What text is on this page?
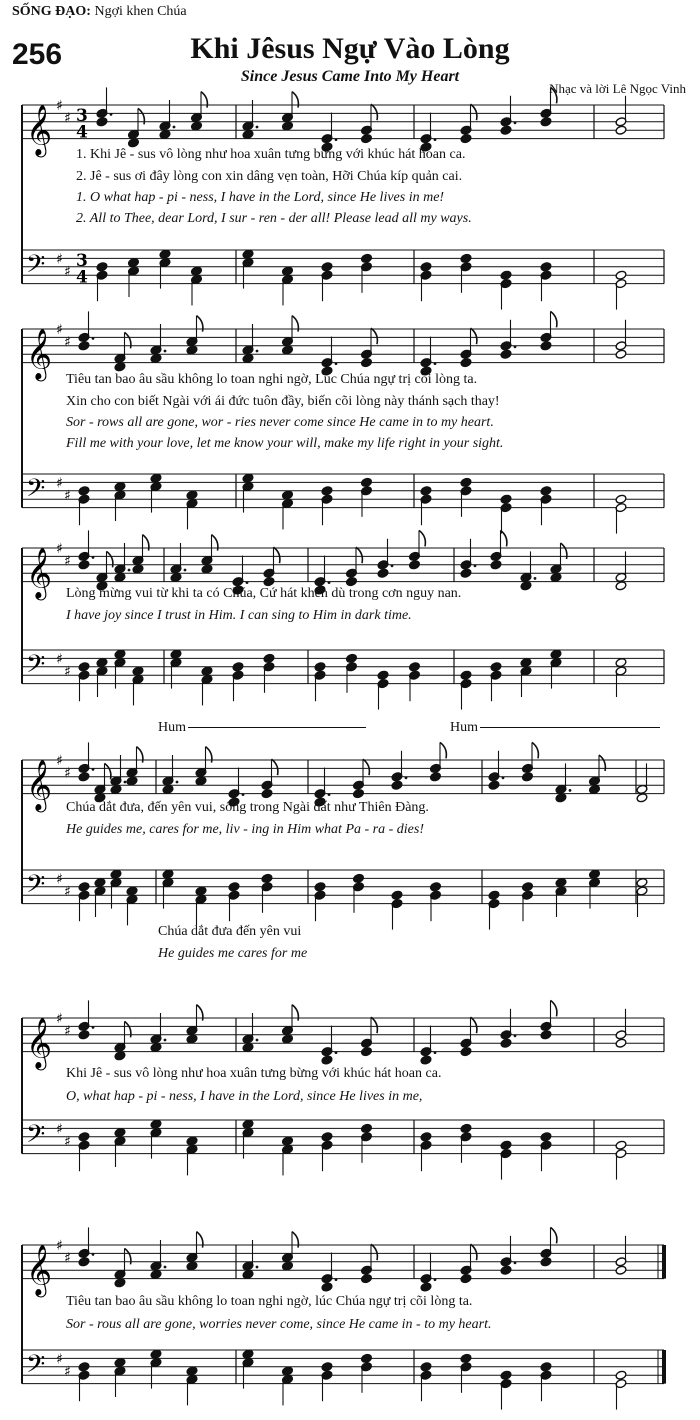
SỐNG ĐẠO: Ngợi khen Chúa
256	Khi Jêsus Ngự Vào Lòng
Since Jesus Came Into My Heart
Nhạc và lời Lê Ngọc Vinh
𝄞
𝄢
♯
♯
♯
♯
3
4
3
4
𝄞
𝄢
♯
♯
♯
♯
𝄞
𝄢
♯
♯
♯
♯
𝄞
𝄢
♯
♯
♯
♯
𝄞
𝄢
♯
♯
♯
♯
𝄞
𝄢
♯
♯
♯
♯
1. Khi Jê - sus vô lòng như hoa xuân tưng bừng với khúc hát hoan ca.
2. Jê - sus ơi đây lòng con xin dâng vẹn toàn, Hỡi Chúa kíp quản cai.
1. O what hap - pi - ness, I have in the Lord, since He lives in me!
2. All to Thee, dear Lord, I sur - ren - der all! Please lead all my ways.
Tiêu tan bao âu sầu không lo toan nghi ngờ, Lúc Chúa ngự trị cõi lòng ta.
Xin cho con biết Ngài với ái đức tuôn đầy, biến cõi lòng này thánh sạch thay!
Sor - rows all are gone, wor - ries never come since He came in to my heart.
Fill me with your love, let me know your will, make my life right in your sight.
Lòng mừng vui từ khi ta có Chúa, Cứ hát khen dù trong cơn nguy nan.
I have joy since I trust in Him. I can sing to Him in dark time.
Hum	Hum
Chúa dắt đưa, đến yên vui, sống trong Ngài đất như Thiên Đàng.
He guides me, cares for me, liv - ing in Him what Pa - ra - dies!
Chúa dắt đưa đến yên vui
He guides me cares for me
Khi Jê - sus vô lòng như hoa xuân tưng bừng với khúc hát hoan ca.
O, what hap - pi - ness, I have in the Lord, since He lives in me,
Tiêu tan bao âu sầu không lo toan nghi ngờ, lúc Chúa ngự trị cõi lòng ta.
Sor - rous all are gone, worries never come, since He came in - to my heart.
